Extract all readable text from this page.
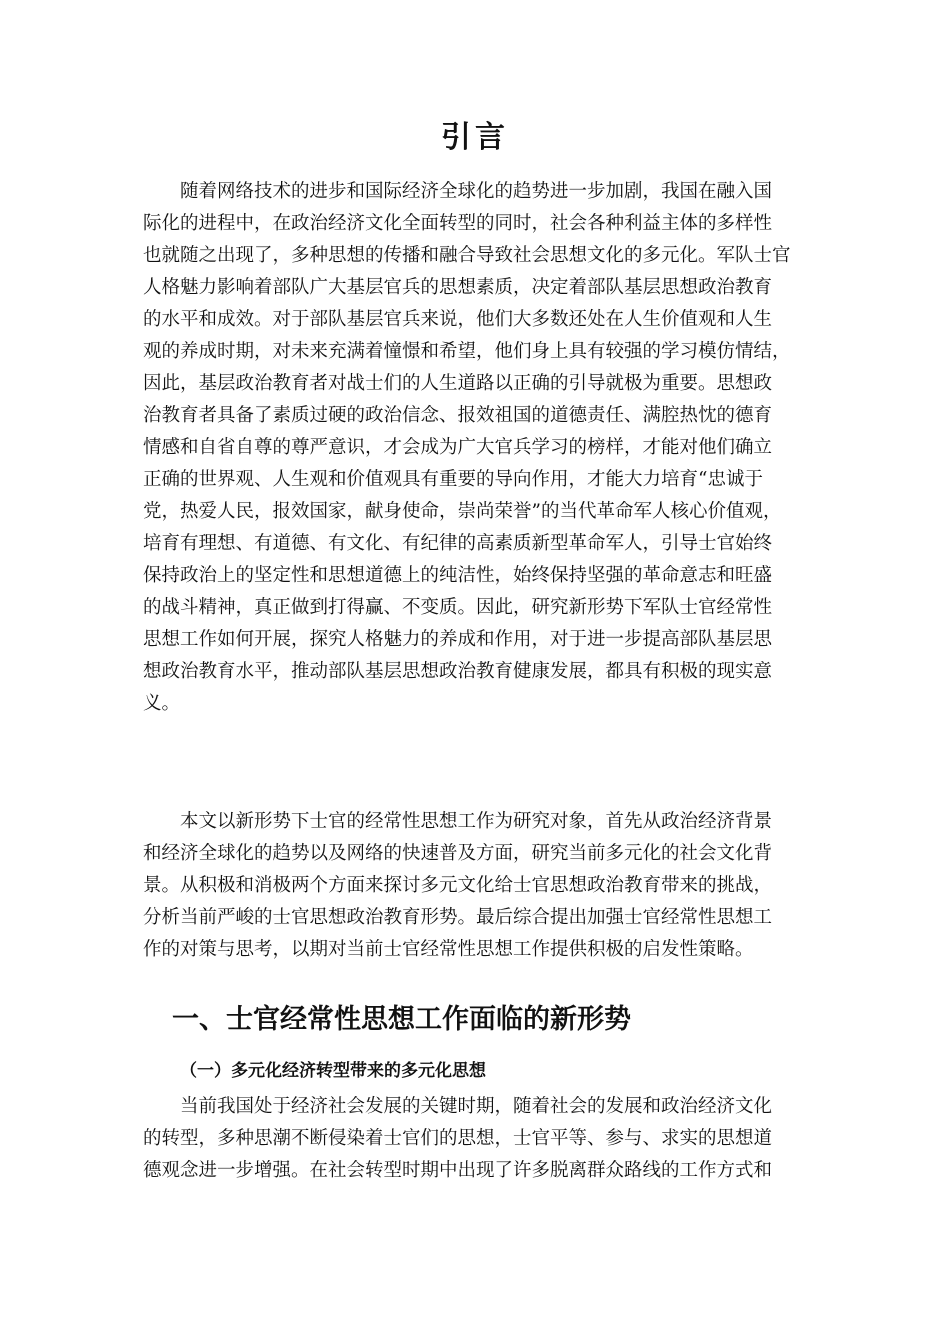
引言
随着网络技术的进步和国际经济全球化的趋势进一步加剧，我国在融入国
际化的进程中，在政治经济文化全面转型的同时，社会各种利益主体的多样性
也就随之出现了，多种思想的传播和融合导致社会思想文化的多元化。军队士官
人格魅力影响着部队广大基层官兵的思想素质，决定着部队基层思想政治教育
的水平和成效。对于部队基层官兵来说，他们大多数还处在人生价值观和人生
观的养成时期，对未来充满着憧憬和希望，他们身上具有较强的学习模仿情结，
因此，基层政治教育者对战士们的人生道路以正确的引导就极为重要。思想政
治教育者具备了素质过硬的政治信念、报效祖国的道德责任、满腔热忱的德育
情感和自省自尊的尊严意识，才会成为广大官兵学习的榜样，才能对他们确立
正确的世界观、人生观和价值观具有重要的导向作用，才能大力培育“忠诚于
党，热爱人民，报效国家，献身使命，崇尚荣誉”的当代革命军人核心价值观，
培育有理想、有道德、有文化、有纪律的高素质新型革命军人，引导士官始终
保持政治上的坚定性和思想道德上的纯洁性，始终保持坚强的革命意志和旺盛
的战斗精神，真正做到打得赢、不变质。因此，研究新形势下军队士官经常性
思想工作如何开展，探究人格魅力的养成和作用，对于进一步提高部队基层思
想政治教育水平，推动部队基层思想政治教育健康发展，都具有积极的现实意
义。
本文以新形势下士官的经常性思想工作为研究对象，首先从政治经济背景
和经济全球化的趋势以及网络的快速普及方面，研究当前多元化的社会文化背
景。从积极和消极两个方面来探讨多元文化给士官思想政治教育带来的挑战，
分析当前严峻的士官思想政治教育形势。最后综合提出加强士官经常性思想工
作的对策与思考，以期对当前士官经常性思想工作提供积极的启发性策略。
一、士官经常性思想工作面临的新形势
（一）多元化经济转型带来的多元化思想
当前我国处于经济社会发展的关键时期，随着社会的发展和政治经济文化
的转型，多种思潮不断侵染着士官们的思想，士官平等、参与、求实的思想道
德观念进一步增强。在社会转型时期中出现了许多脱离群众路线的工作方式和
